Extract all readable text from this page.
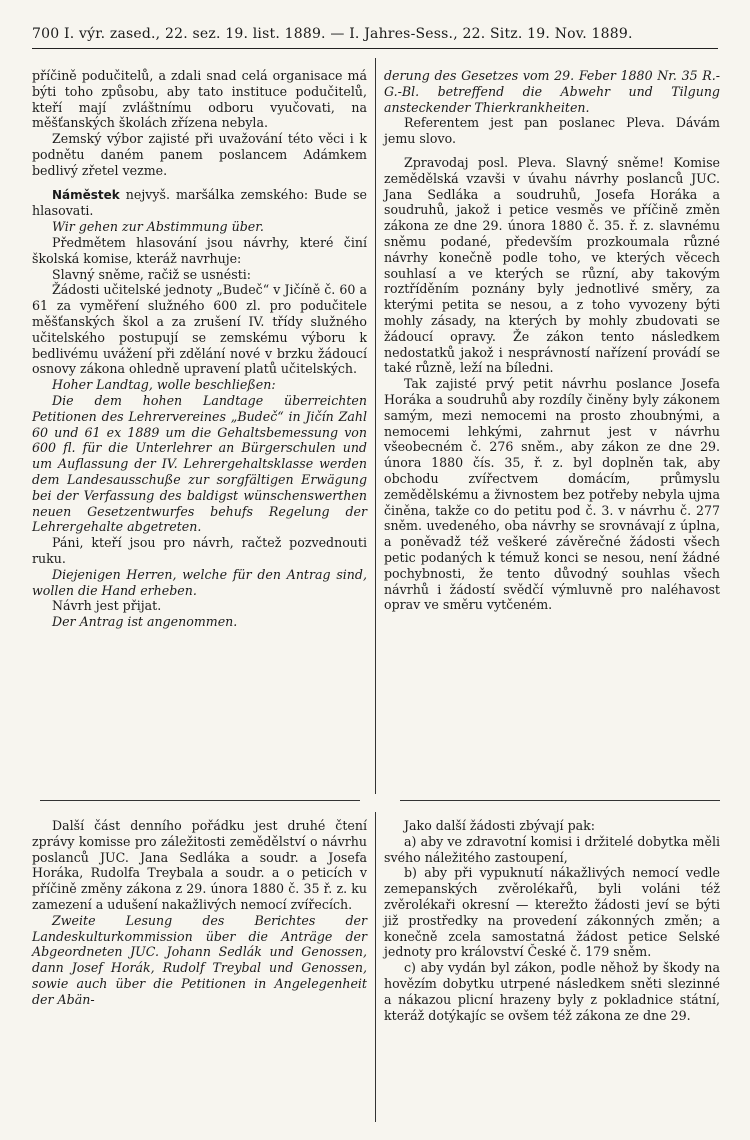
700 I. výr. zased., 22. sez. 19. list. 1889. — I. Jahres-Sess., 22. Sitz. 19. Nov. 1889.

příčině podučitelů, a zdali snad celá organisace má býti toho způsobu, aby tato instituce podučitelů, kteří mají zvláštnímu odboru vyučovati, na měšťanských školách zřízena nebyla.

Zemský výbor zajisté při uvažování této věci i k podnětu daném panem poslancem Adámkem bedlivý zřetel vezme.

Náměstek nejvyš. maršálka zemského: Bude se hlasovati.

Wir gehen zur Abstimmung über.

Předmětem hlasování jsou návrhy, které činí školská komise, kteráž navrhuje:

Slavný sněme, račiž se usnésti:

Žádosti učitelské jednoty „Budeč“ v Jičíně č. 60 a 61 za vyměření služného 600 zl. pro podučitele měšťanských škol a za zrušení IV. třídy služného učitelského postupují se zemskému výboru k bedlivému uvážení při zdělání nové v brzku žádoucí osnovy zákona ohledně upravení platů učitelských.

Hoher Landtag, wolle beschließen:

Die dem hohen Landtage überreichten Petitionen des Lehrervereines „Budeč“ in Jičín Zahl 60 und 61 ex 1889 um die Gehaltsbemessung von 600 fl. für die Unterlehrer an Bürgerschulen und um Auflassung der IV. Lehrergehaltsklasse werden dem Landesausschuße zur sorgfältigen Erwägung bei der Verfassung des baldigst wünschenswerthen neuen Gesetzentwurfes behufs Regelung der Lehrergehalte abgetreten.

Páni, kteří jsou pro návrh, račtež pozvednouti ruku.

Diejenigen Herren, welche für den Antrag sind, wollen die Hand erheben.

Návrh jest přijat.

Der Antrag ist angenommen.

derung des Gesetzes vom 29. Feber 1880 Nr. 35 R.-G.-Bl. betreffend die Abwehr und Tilgung ansteckender Thierkrankheiten.

Referentem jest pan poslanec Pleva. Dávám jemu slovo.

Zpravodaj posl. Pleva. Slavný sněme! Komise zemědělská vzavši v úvahu návrhy poslanců JUC. Jana Sedláka a soudruhů, Josefa Horáka a soudruhů, jakož i petice vesměs ve příčině změn zákona ze dne 29. února 1880 č. 35. ř. z. slavnému sněmu podané, především prozkoumala různé návrhy konečně podle toho, ve kterých věcech souhlasí a ve kterých se různí, aby takovým roztříděním poznány byly jednotlivé směry, za kterými petita se nesou, a z toho vyvozeny býti mohly zásady, na kterých by mohly zbudovati se žádoucí opravy. Že zákon tento následkem nedostatků jakož i nesprávností nařízení provádí se také různě, leží na bíledni.

Tak zajisté prvý petit návrhu poslance Josefa Horáka a soudruhů aby rozdíly činěny byly zákonem samým, mezi nemocemi na prosto zhoubnými, a nemocemi lehkými, zahrnut jest v návrhu všeobecném č. 276 sněm., aby zákon ze dne 29. února 1880 čís. 35, ř. z. byl doplněn tak, aby obchodu zvířectvem domácím, průmyslu zemědělskému a živnostem bez potřeby nebyla ujma činěna, takže co do petitu pod č. 3. v návrhu č. 277 sněm. uvedeného, oba návrhy se srovnávají z úplna, a poněvadž též veškeré závěrečné žádosti všech petic podaných k témuž konci se nesou, není žádné pochybnosti, že tento důvodný souhlas všech návrhů i žádostí svědčí výmluvně pro naléhavost oprav ve směru vytčeném.

Další část denního pořádku jest druhé čtení zprávy komisse pro záležitosti zemědělství o návrhu poslanců JUC. Jana Sedláka a soudr. a Josefa Horáka, Rudolfa Treybala a soudr. a o peticích v příčině změny zákona z 29. února 1880 č. 35 ř. z. ku zamezení a udušení nakažlivých nemocí zvířecích.

Zweite Lesung des Berichtes der Landeskulturkommission über die Anträge der Abgeordneten JUC. Johann Sedlák und Genossen, dann Josef Horák, Rudolf Treybal und Genossen, sowie auch über die Petitionen in Angelegenheit der Abän-

Jako další žádosti zbývají pak:

a) aby ve zdravotní komisi i držitelé dobytka měli svého náležitého zastoupení,

b) aby při vypuknutí nákažlivých nemocí vedle zemepanských zvěrolékařů, byli voláni též zvěrolékaři okresní — kterežto žádosti jeví se býti již prostředky na provedení zákonných změn; a konečně zcela samostatná žádost petice Selské jednoty pro království České č. 179 sněm.

c) aby vydán byl zákon, podle něhož by škody na hovězím dobytku utrpené následkem sněti slezinné a nákazou plicní hrazeny byly z pokladnice státní, kteráž dotýkajíc se ovšem též zákona ze dne 29.
